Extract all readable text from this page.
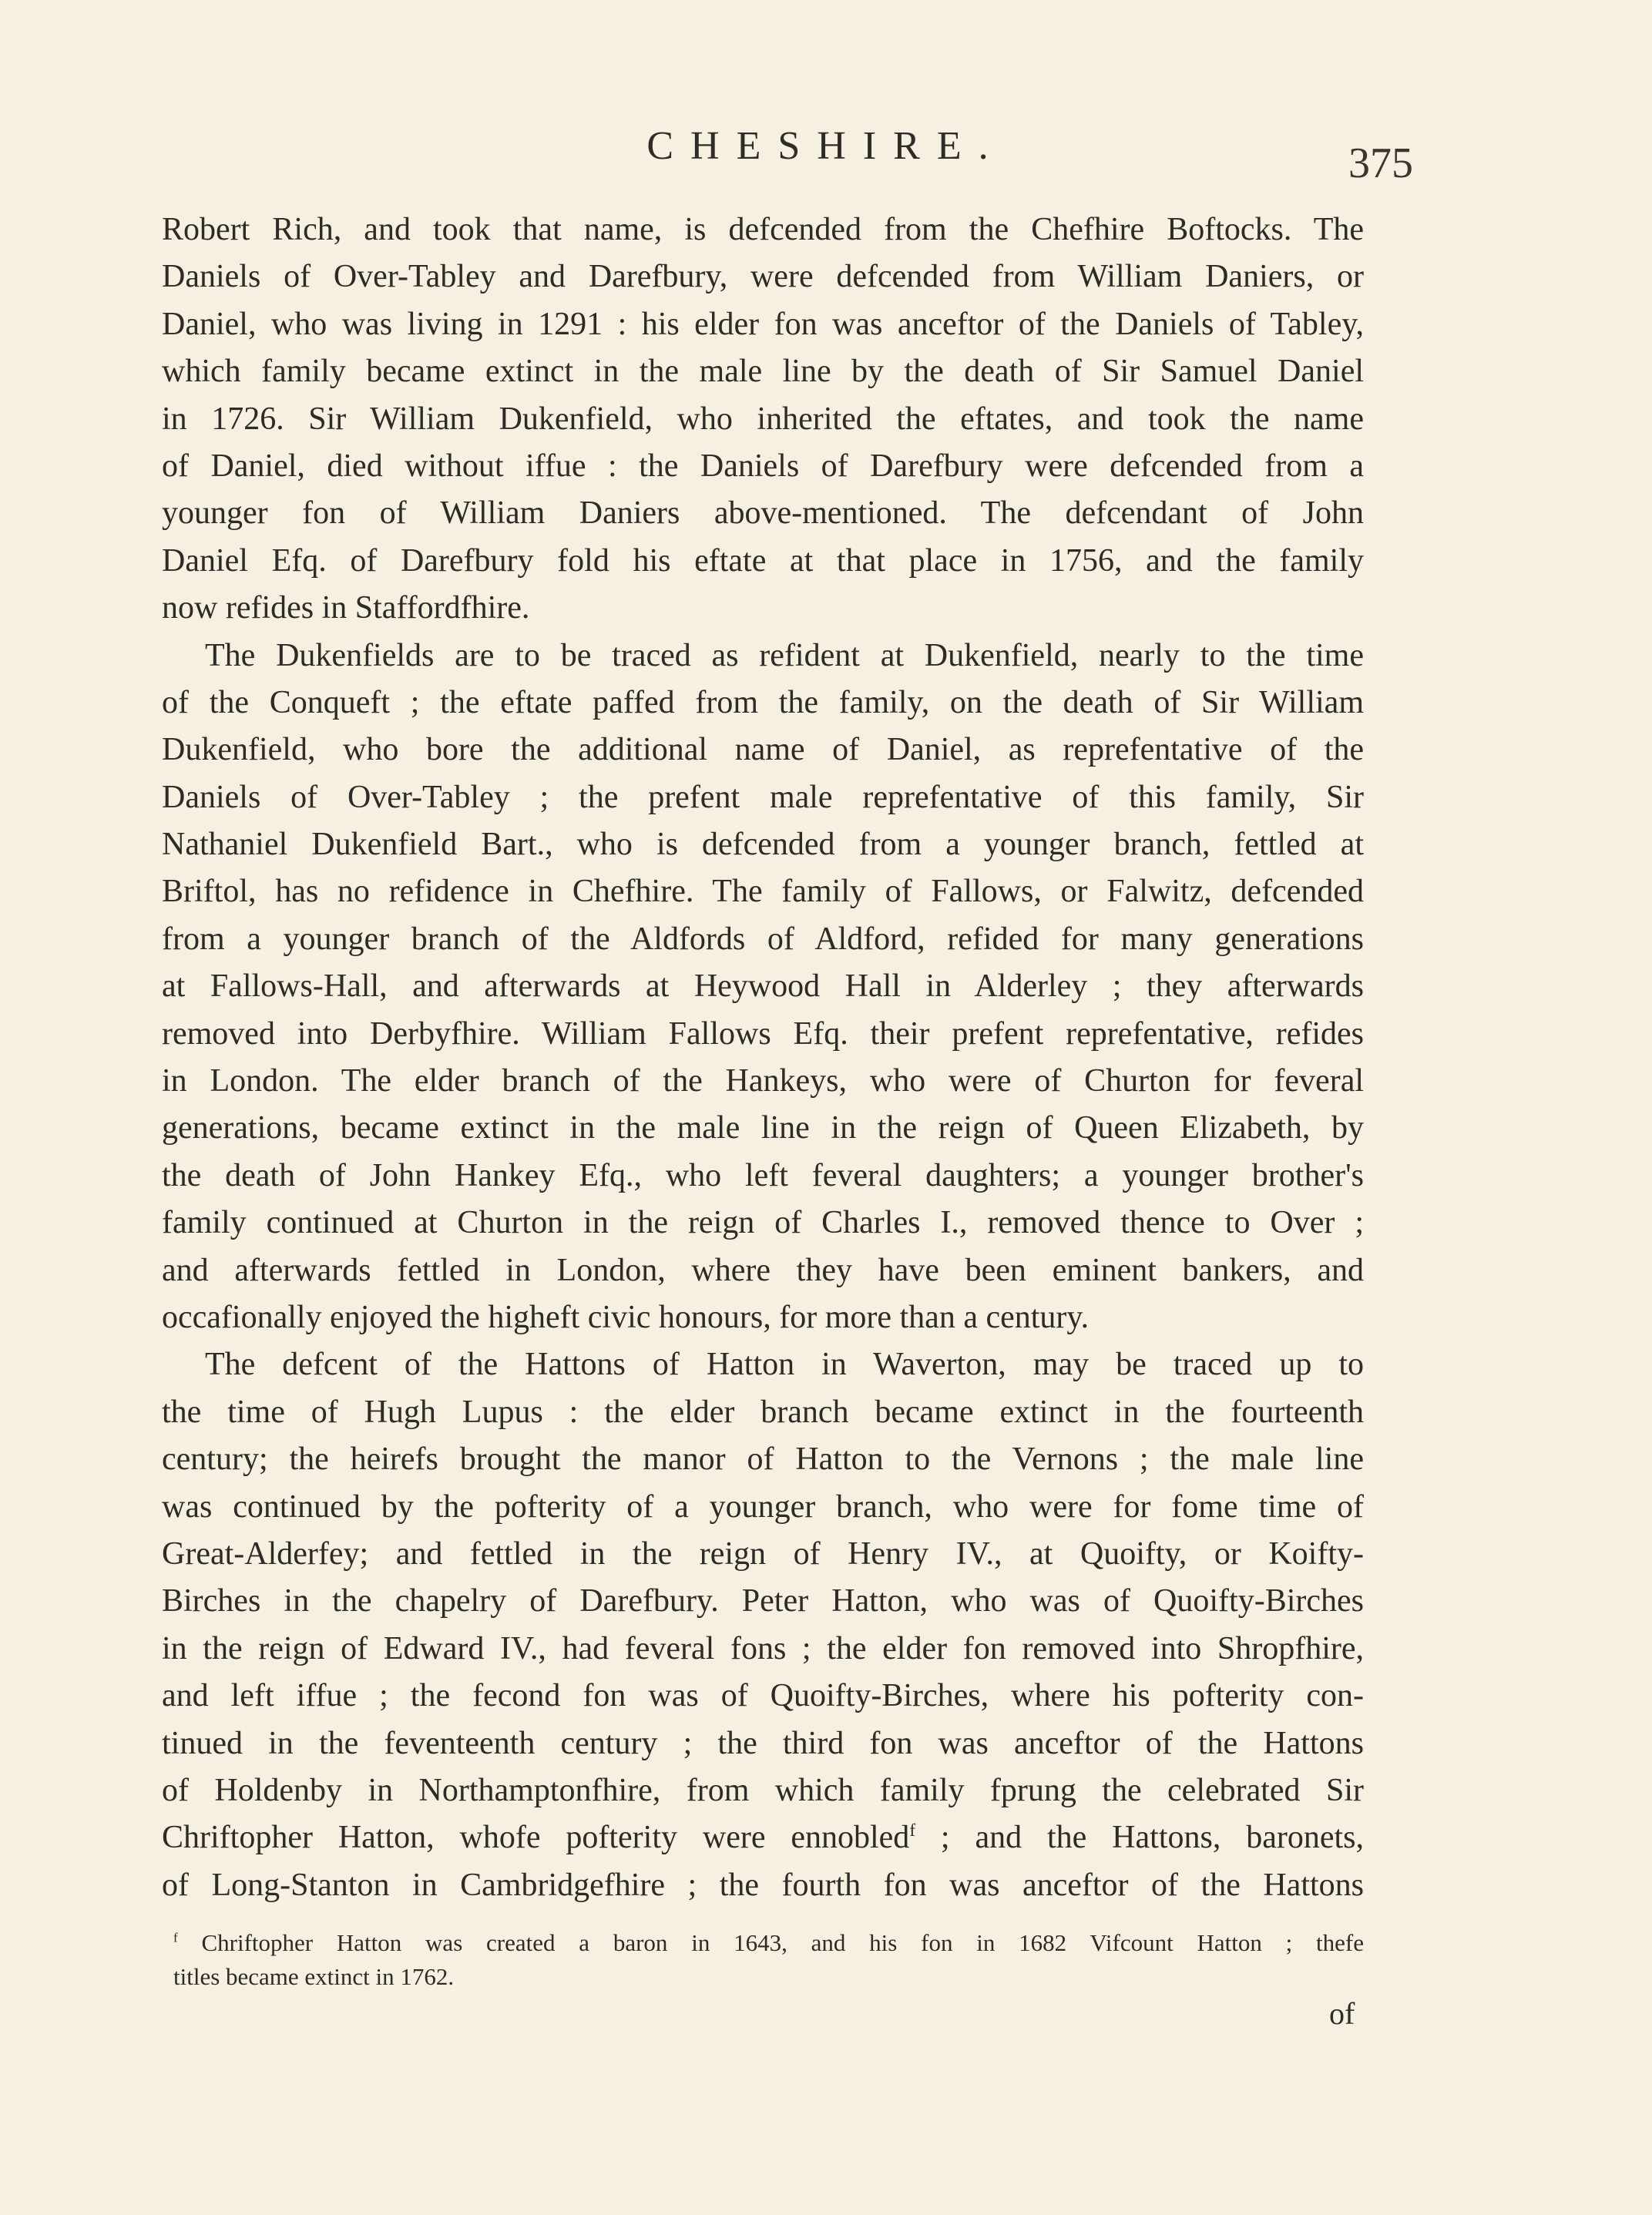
CHESHIRE.	375
Robert Rich, and took that name, is defcended from the Chefhire Boftocks. The
Daniels of Over-Tabley and Darefbury, were defcended from William Daniers, or
Daniel, who was living in 1291 : his elder fon was anceftor of the Daniels of Tabley,
which family became extinct in the male line by the death of Sir Samuel Daniel
in 1726. Sir William Dukenfield, who inherited the eftates, and took the name
of Daniel, died without iffue : the Daniels of Darefbury were defcended from a
younger fon of William Daniers above-mentioned. The defcendant of John
Daniel Efq. of Darefbury fold his eftate at that place in 1756, and the family
now refides in Staffordfhire.
The Dukenfields are to be traced as refident at Dukenfield, nearly to the time
of the Conqueft ; the eftate paffed from the family, on the death of Sir William
Dukenfield, who bore the additional name of Daniel, as reprefentative of the
Daniels of Over-Tabley ; the prefent male reprefentative of this family, Sir
Nathaniel Dukenfield Bart., who is defcended from a younger branch, fettled at
Briftol, has no refidence in Chefhire. The family of Fallows, or Falwitz, defcended
from a younger branch of the Aldfords of Aldford, refided for many generations
at Fallows-Hall, and afterwards at Heywood Hall in Alderley ; they afterwards
removed into Derbyfhire. William Fallows Efq. their prefent reprefentative, refides
in London. The elder branch of the Hankeys, who were of Churton for feveral
generations, became extinct in the male line in the reign of Queen Elizabeth, by
the death of John Hankey Efq., who left feveral daughters; a younger brother's
family continued at Churton in the reign of Charles I., removed thence to Over ;
and afterwards fettled in London, where they have been eminent bankers, and
occafionally enjoyed the higheft civic honours, for more than a century.
The defcent of the Hattons of Hatton in Waverton, may be traced up to
the time of Hugh Lupus : the elder branch became extinct in the fourteenth
century; the heirefs brought the manor of Hatton to the Vernons ; the male line
was continued by the pofterity of a younger branch, who were for fome time of
Great-Alderfey; and fettled in the reign of Henry IV., at Quoifty, or Koifty-
Birches in the chapelry of Darefbury. Peter Hatton, who was of Quoifty-Birches
in the reign of Edward IV., had feveral fons ; the elder fon removed into Shropfhire,
and left iffue ; the fecond fon was of Quoifty-Birches, where his pofterity con-
tinued in the feventeenth century ; the third fon was anceftor of the Hattons
of Holdenby in Northamptonfhire, from which family fprung the celebrated Sir
Chriftopher Hatton, whofe pofterity were ennobled$^f$ ; and the Hattons, baronets,
of Long-Stanton in Cambridgefhire ; the fourth fon was anceftor of the Hattons
$^f$ Chriftopher Hatton was created a baron in 1643, and his fon in 1682 Vifcount Hatton ; thefe
titles became extinct in 1762.
of
